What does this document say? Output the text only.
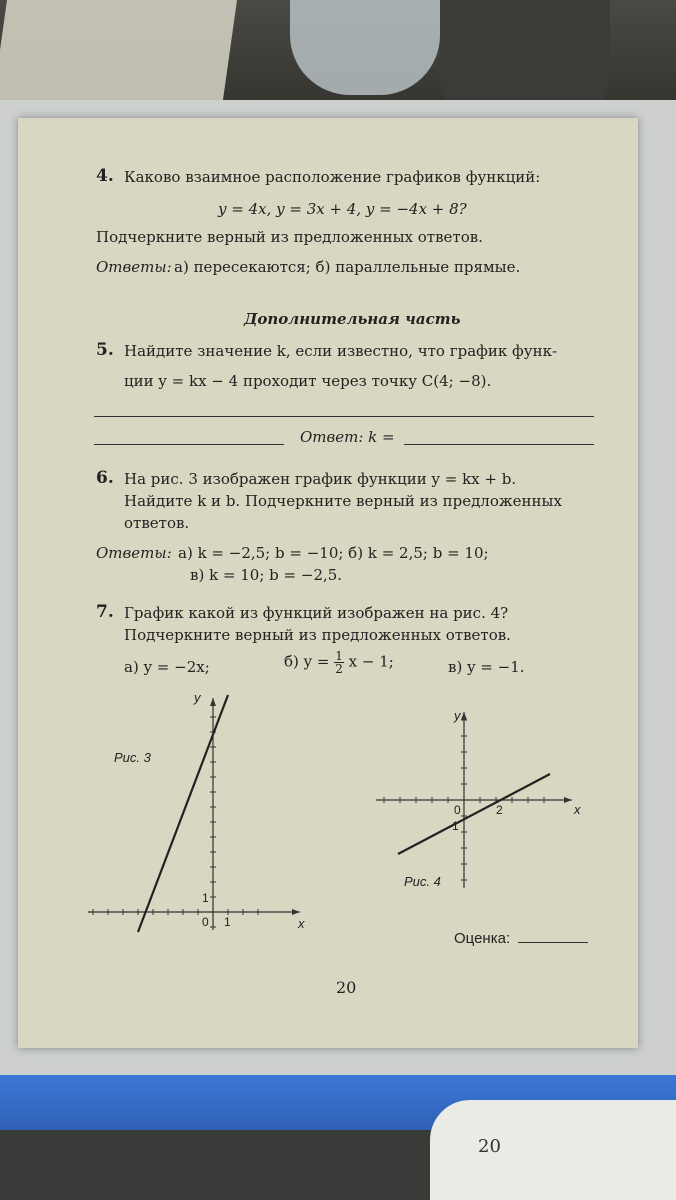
20
4. Каково взаимное расположение графиков функций:
y = 4x, y = 3x + 4, y = −4x + 8?
Подчеркните верный из предложенных ответов.
Ответы: а) пересекаются; б) параллельные прямые.
Дополнительная часть
5. Найдите значение k, если известно, что график функ-
ции y = kx − 4 проходит через точку C(4; −8).
Ответ: k =
6. На рис. 3 изображен график функции y = kx + b.
Найдите k и b. Подчеркните верный из предложенных
ответов.
Ответы: а) k = −2,5; b = −10; б) k = 2,5; b = 10;
в) k = 10; b = −2,5.
7. График какой из функций изображен на рис. 4?
Подчеркните верный из предложенных ответов.
а) y = −2x;	б) $y = \frac{1}{2}$ x − 1;	в) y = −1.
y
x
0 1
1
Рис. 3
y
x
0	2
-1
Рис. 4
Оценка:
20
